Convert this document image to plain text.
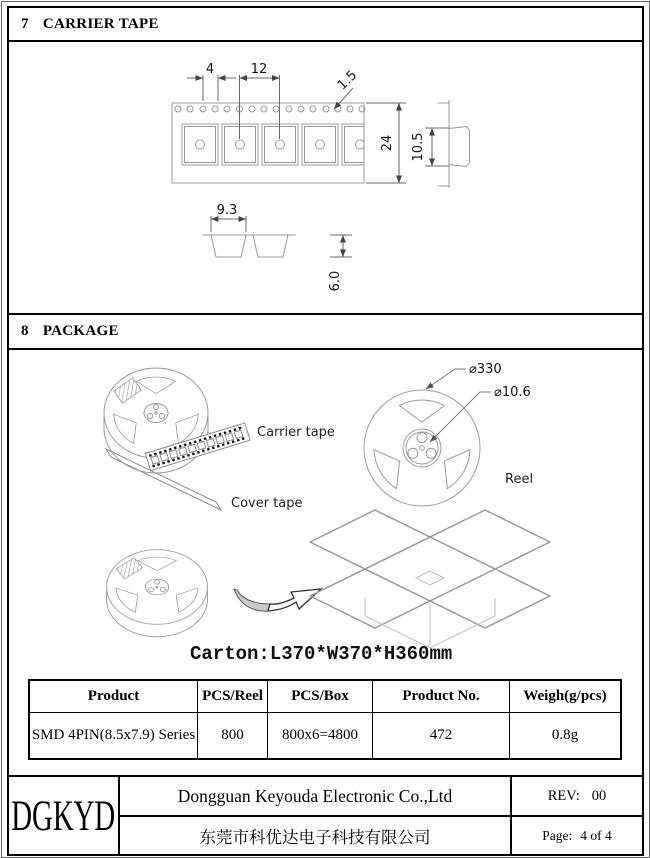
7 CARRIER TAPE
4	12	1.5
24 10.5
9.3
6.0
8 PACKAGE
Carrier tape
Cover tape
⌀330
⌀10.6
Reel
Carton:L370*W370*H360mm
Product	PCS/Reel	PCS/Box	Product No.	Weigh(g/pcs)
SMD 4PIN(8.5x7.9) Series	800	800x6=4800	472	0.8g
DGKYD	Dongguan Keyouda Electronic Co.,Ltd	REV: 00
东莞市科优达电子科技有限公司	Page: 4 of 4
